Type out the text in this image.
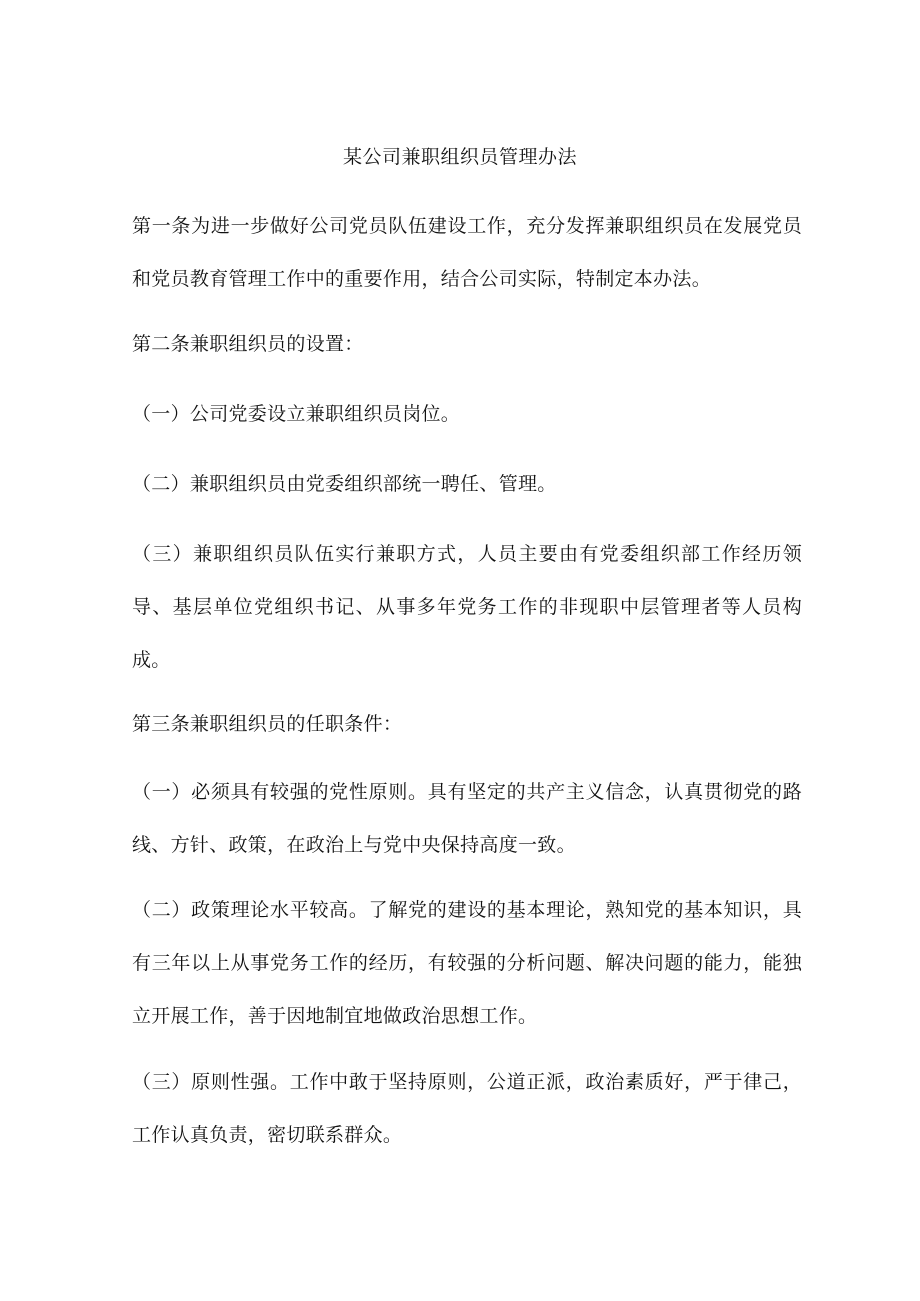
某公司兼职组织员管理办法
第一条为进一步做好公司党员队伍建设工作，充分发挥兼职组织员在发展党员和党员教育管理工作中的重要作用，结合公司实际，特制定本办法。
第二条兼职组织员的设置：
（一）公司党委设立兼职组织员岗位。
（二）兼职组织员由党委组织部统一聘任、管理。
（三）兼职组织员队伍实行兼职方式，人员主要由有党委组织部工作经历领导、基层单位党组织书记、从事多年党务工作的非现职中层管理者等人员构成。
第三条兼职组织员的任职条件：
（一）必须具有较强的党性原则。具有坚定的共产主义信念，认真贯彻党的路线、方针、政策，在政治上与党中央保持高度一致。
（二）政策理论水平较高。了解党的建设的基本理论，熟知党的基本知识，具有三年以上从事党务工作的经历，有较强的分析问题、解决问题的能力，能独立开展工作，善于因地制宜地做政治思想工作。
（三）原则性强。工作中敢于坚持原则，公道正派，政治素质好，严于律己，工作认真负责，密切联系群众。
